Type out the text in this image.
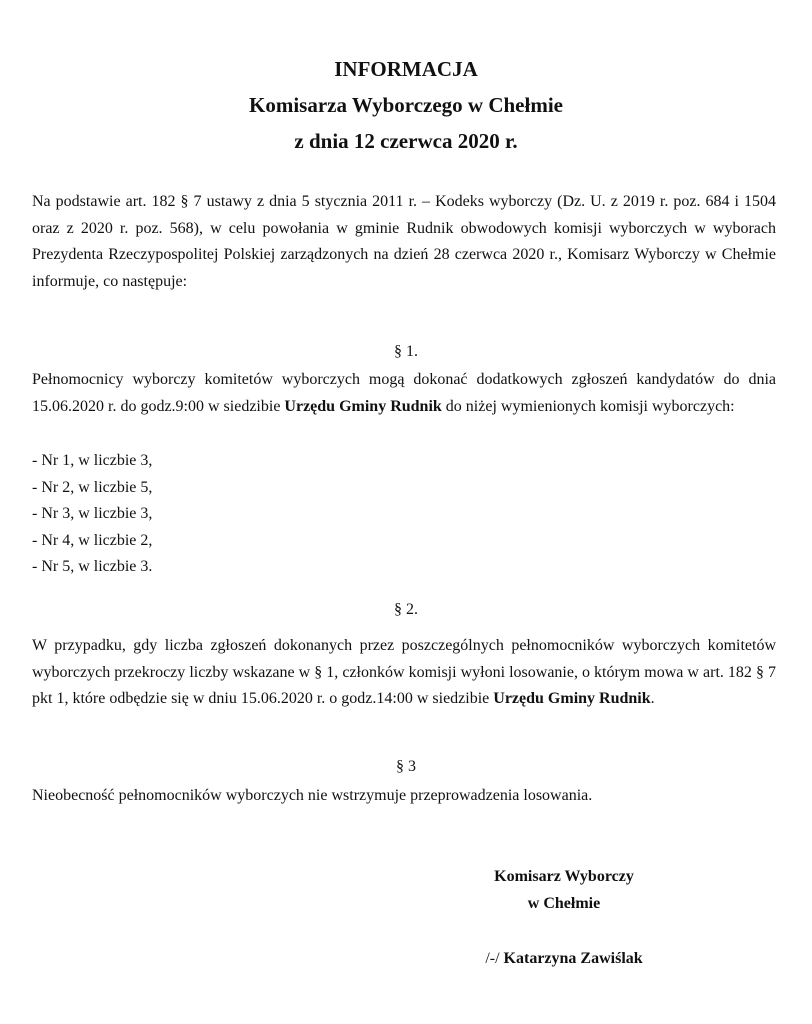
INFORMACJA
Komisarza Wyborczego w Chełmie
z dnia 12 czerwca 2020 r.
Na podstawie art. 182 § 7 ustawy z dnia 5 stycznia 2011 r. – Kodeks wyborczy (Dz. U. z 2019 r. poz. 684 i 1504 oraz z 2020 r. poz. 568), w celu powołania w gminie Rudnik obwodowych komisji wyborczych w wyborach Prezydenta Rzeczypospolitej Polskiej zarządzonych na dzień 28 czerwca 2020 r., Komisarz Wyborczy w Chełmie informuje, co następuje:
§ 1.
Pełnomocnicy wyborczy komitetów wyborczych mogą dokonać dodatkowych zgłoszeń kandydatów do dnia 15.06.2020 r. do godz.9:00 w siedzibie Urzędu Gminy Rudnik do niżej wymienionych komisji wyborczych:
- Nr 1, w liczbie 3,
- Nr 2, w liczbie 5,
- Nr 3, w liczbie 3,
- Nr 4, w liczbie 2,
- Nr 5, w liczbie 3.
§ 2.
W przypadku, gdy liczba zgłoszeń dokonanych przez poszczególnych pełnomocników wyborczych komitetów wyborczych przekroczy liczby wskazane w § 1, członków komisji wyłoni losowanie, o którym mowa w art. 182 § 7 pkt 1, które odbędzie się w dniu 15.06.2020 r. o godz.14:00 w siedzibie Urzędu Gminy Rudnik.
§ 3
Nieobecność pełnomocników wyborczych nie wstrzymuje przeprowadzenia losowania.
Komisarz Wyborczy
w Chełmie
/-/ Katarzyna Zawiślak
